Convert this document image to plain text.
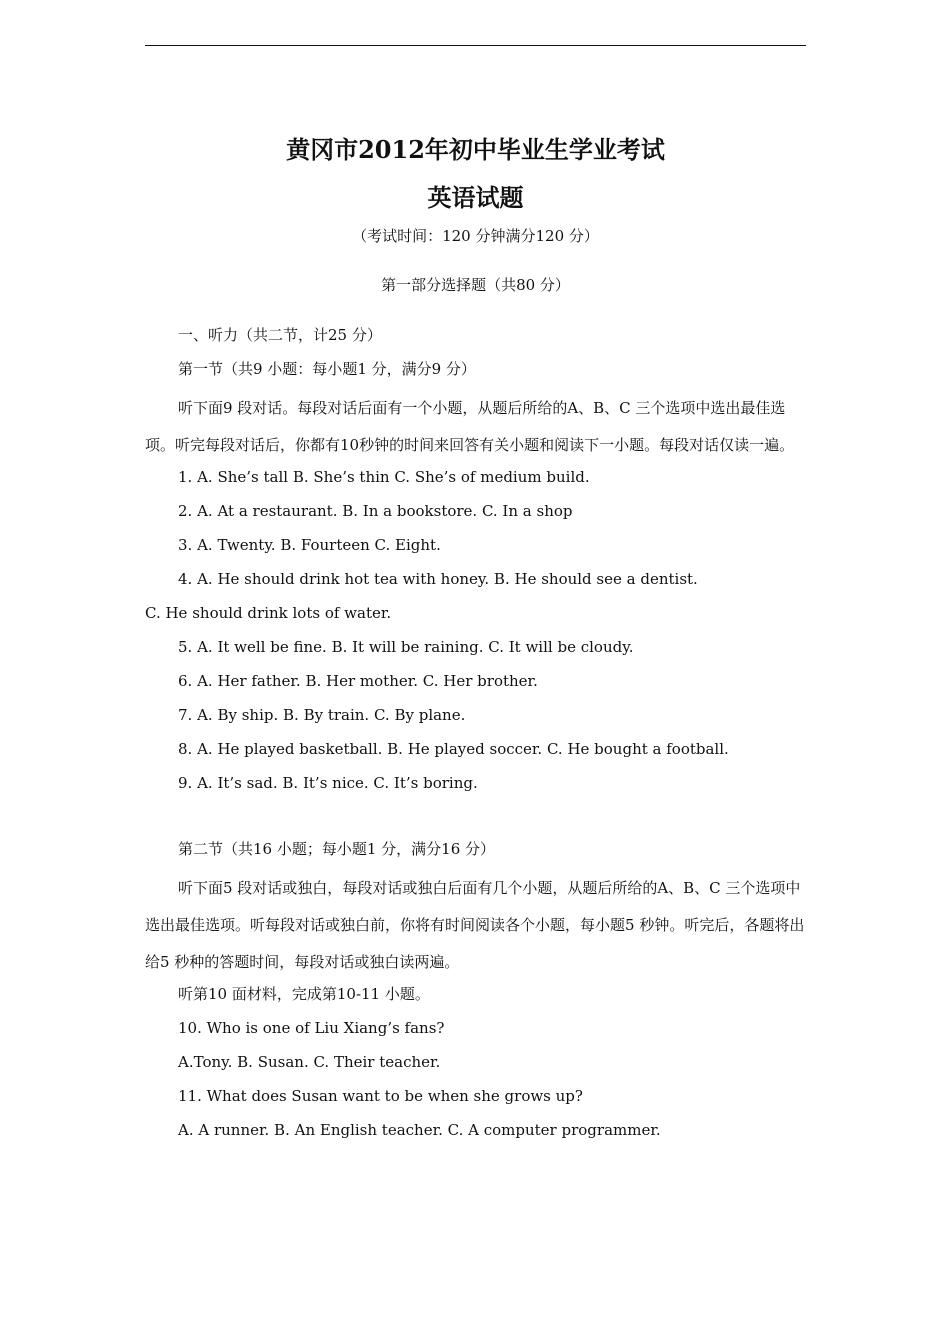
黄冈市2012年初中毕业生学业考试
英语试题

（考试时间：120 分钟满分120 分）

第一部分选择题（共80 分）

一、听力（共二节，计25 分）

第一节（共9 小题：每小题1 分，满分9 分）

听下面9 段对话。每段对话后面有一个小题，从题后所给的A、B、C 三个选项中选出最佳选项。听完每段对话后，你都有10秒钟的时间来回答有关小题和阅读下一小题。每段对话仅读一遍。

1. A. She’s tall B. She’s thin C. She’s of medium build.

2. A. At a restaurant. B. In a bookstore. C. In a shop

3. A. Twenty. B. Fourteen C. Eight.

4. A. He should drink hot tea with honey. B. He should see a dentist.

C. He should drink lots of water.

5. A. It well be fine. B. It will be raining. C. It will be cloudy.

6. A. Her father. B. Her mother. C. Her brother.

7. A. By ship. B. By train. C. By plane.

8. A. He played basketball. B. He played soccer. C. He bought a football.

9. A. It’s sad. B. It’s nice. C. It’s boring.

第二节（共16 小题；每小题1 分，满分16 分）

听下面5 段对话或独白，每段对话或独白后面有几个小题，从题后所给的A、B、C 三个选项中选出最佳选项。听每段对话或独白前，你将有时间阅读各个小题，每小题5 秒钟。听完后，各题将出给5 秒种的答题时间，每段对话或独白读两遍。

听第10 面材料，完成第10-11 小题。

10. Who is one of Liu Xiang’s fans?

A.Tony. B. Susan. C. Their teacher.

11. What does Susan want to be when she grows up?

A. A runner. B. An English teacher. C. A computer programmer.
